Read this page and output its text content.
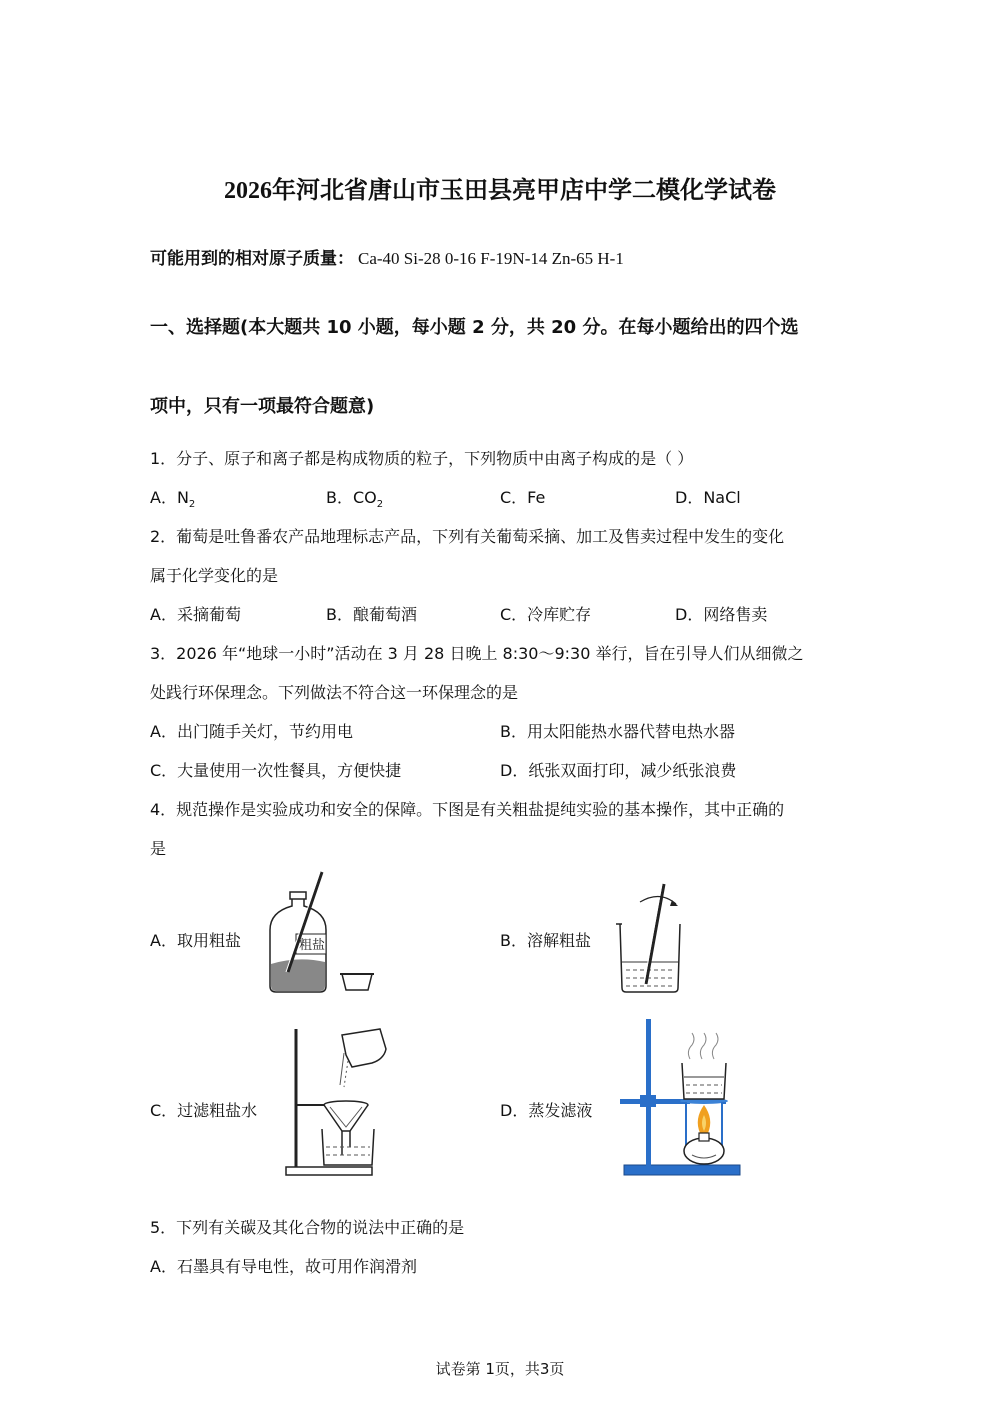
2026年河北省唐山市玉田县亮甲店中学二模化学试卷
可能用到的相对原子质量： Ca-40 Si-28 0-16 F-19N-14 Zn-65 H-1
一、选择题(本大题共 10 小题，每小题 2 分，共 20 分。在每小题给出的四个选
项中，只有一项最符合题意)
1．分子、原子和离子都是构成物质的粒子，下列物质中由离子构成的是（ ）
A．$N_2$	B．$CO_2$	C．Fe	D．NaCl
2．葡萄是吐鲁番农产品地理标志产品，下列有关葡萄采摘、加工及售卖过程中发生的变化
属于化学变化的是
A．采摘葡萄	B．酿葡萄酒	C．冷库贮存	D．网络售卖
3．2026 年“地球一小时”活动在 3 月 28 日晚上 8:30～9:30 举行，旨在引导人们从细微之
处践行环保理念。下列做法不符合这一环保理念的是
A．出门随手关灯，节约用电	B．用太阳能热水器代替电热水器
C．大量使用一次性餐具，方便快捷	D．纸张双面打印，减少纸张浪费
4．规范操作是实验成功和安全的保障。下图是有关粗盐提纯实验的基本操作，其中正确的
是
A．取用粗盐	B．溶解粗盐
C．过滤粗盐水	D．蒸发滤液
粗盐
5．下列有关碳及其化合物的说法中正确的是
A．石墨具有导电性，故可用作润滑剂
试卷第 1页，共3页
